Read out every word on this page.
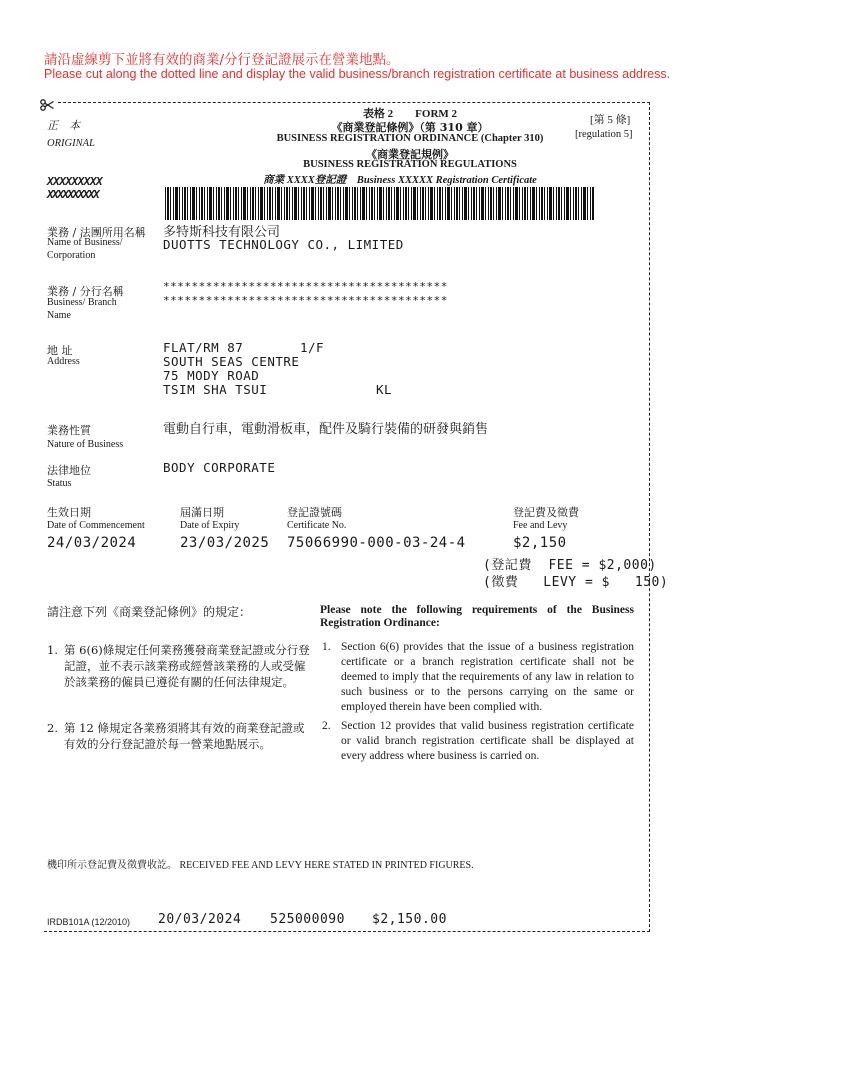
請沿虛線剪下並將有效的商業/分行登記證展示在營業地點。
Please cut along the dotted line and display the valid business/branch registration certificate at business address.
正　本
ORIGINAL
XXXXXXXXX
XXXXXXXXXX
表格 2　　FORM 2
《商業登記條例》（第 310 章）
BUSINESS REGISTRATION ORDINANCE (Chapter 310)
《商業登記規例》
BUSINESS REGISTRATION REGULATIONS
商業 XXXX登記證　Business XXXXX Registration Certificate
[第 5 條]
[regulation 5]
業務 / 法團所用名稱
Name of Business/ Corporation
多特斯科技有限公司
DUOTTS TECHNOLOGY CO., LIMITED
業務 / 分行名稱
Business/ Branch Name
****************************************
****************************************
地 址
Address
FLAT/RM 87	1/F
SOUTH SEAS CENTRE
75 MODY ROAD
TSIM SHA TSUI	KL
業務性質
Nature of Business
電動自行車，電動滑板車，配件及騎行裝備的研發與銷售
法律地位
Status
BODY CORPORATE
生效日期
Date of Commencement
24/03/2024
屆滿日期
Date of Expiry
23/03/2025
登記證號碼
Certificate No.
75066990-000-03-24-4
登記費及徵費
Fee and Levy
$2,150
(登記費  FEE = $2,000)
(徵費   LEVY = $   150)
請注意下列《商業登記條例》的規定：	Please note the following requirements of the Business Registration Ordinance:
1. 第 6(6)條規定任何業務獲發商業登記證或分行登記證，並不表示該業務或經營該業務的人或受僱於該業務的僱員已遵從有關的任何法律規定。
1. Section 6(6) provides that the issue of a business registration certificate or a branch registration certificate shall not be deemed to imply that the requirements of any law in relation to such business or to the persons carrying on the same or employed therein have been complied with.
2. 第 12 條規定各業務須將其有效的商業登記證或有效的分行登記證於每一營業地點展示。
2. Section 12 provides that valid business registration certificate or valid branch registration certificate shall be displayed at every address where business is carried on.
機印所示登記費及徵費收訖。 RECEIVED FEE AND LEVY HERE STATED IN PRINTED FIGURES.
IRDB101A (12/2010) 20/03/2024 525000090 $2,150.00
